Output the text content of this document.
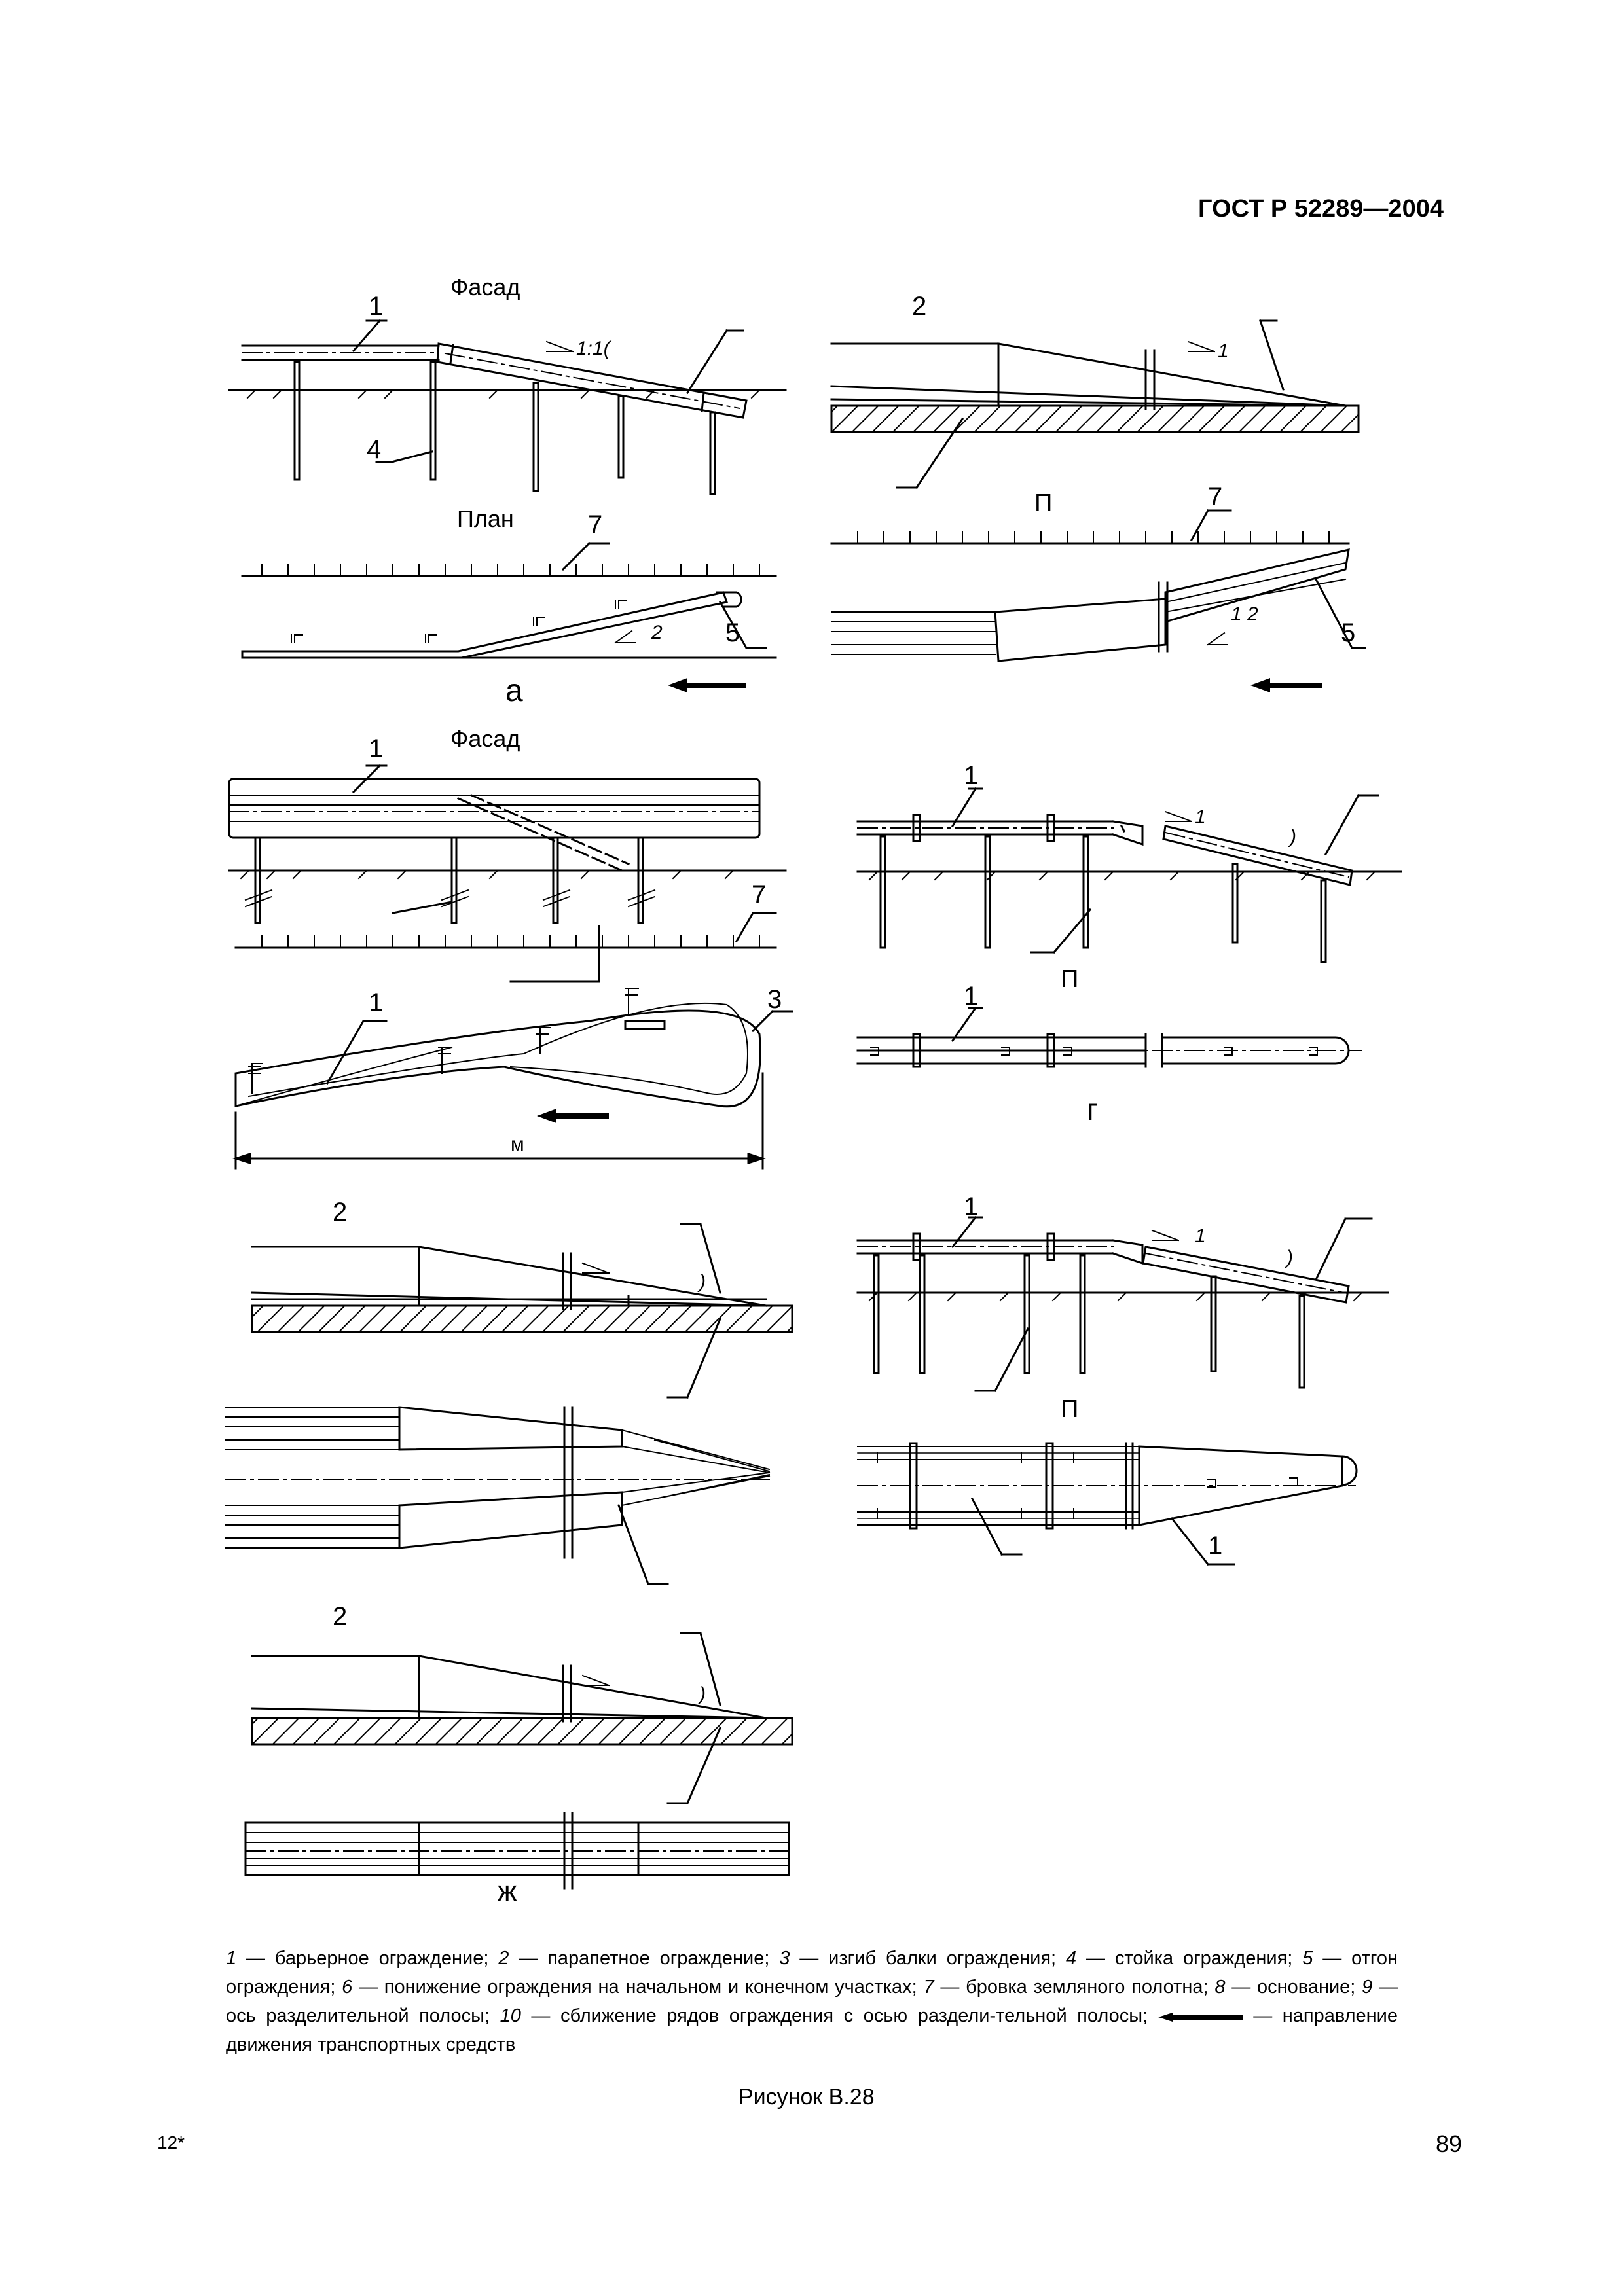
ГОСТ Р 52289—2004
Фасад
План
а
П
Фасад
П
г
П
ж
1
4
7
5
2
7
5
1
7
1	3
1
1
2	1
1
2
1:1(	1
2
1 2
1
)
1
)
)
)
м
1 — барьерное ограждение; 2 — парапетное ограждение; 3 — изгиб балки ограждения; 4 — стойка ограждения; 5 — отгон ограждения; 6 — понижение ограждения на начальном и конечном участках; 7 — бровка земляного полотна; 8 — основание; 9 — ось разделительной полосы; 10 — сближение рядов ограждения с осью раздели-тельной полосы;	— направление движения транспортных средств
Рисунок В.28
12*	89
